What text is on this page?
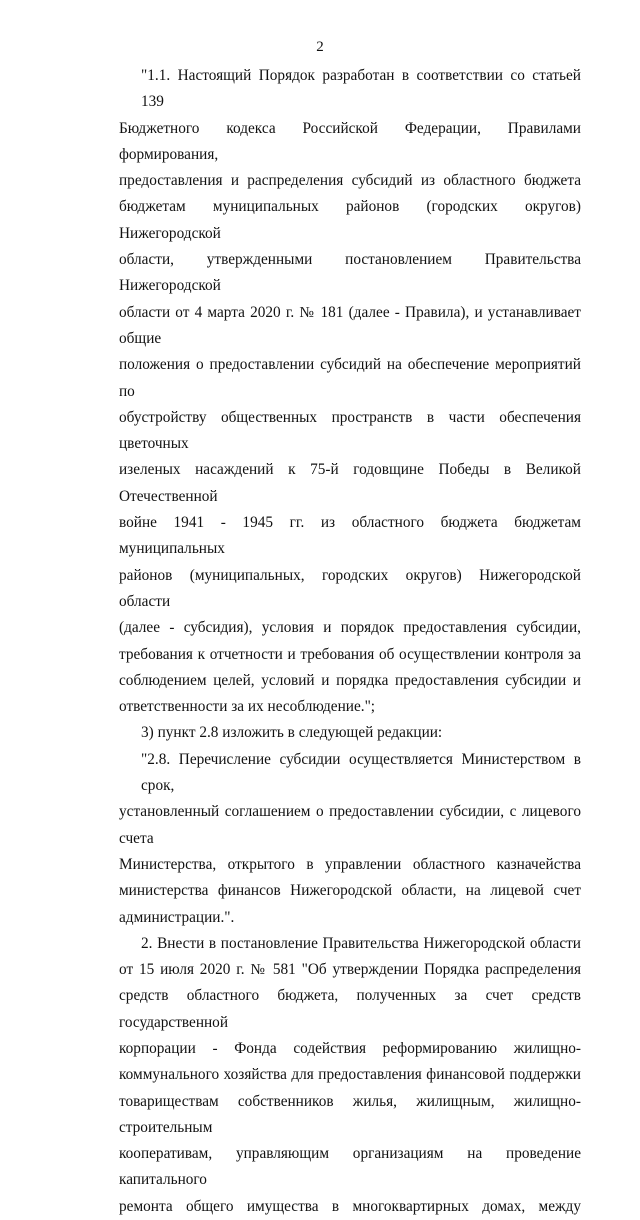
2
"1.1. Настоящий Порядок разработан в соответствии со статьей 139
Бюджетного кодекса Российской Федерации, Правилами формирования,
предоставления и распределения субсидий из областного бюджета
бюджетам муниципальных районов (городских округов) Нижегородской
области, утвержденными постановлением Правительства Нижегородской
области от 4 марта 2020 г. № 181 (далее - Правила), и устанавливает общие
положения о предоставлении субсидий на обеспечение мероприятий по
обустройству общественных пространств в части обеспечения цветочных
изеленых насаждений к 75-й годовщине Победы в Великой Отечественной
войне 1941 - 1945 гг. из областного бюджета бюджетам муниципальных
районов (муниципальных, городских округов) Нижегородской области
(далее - субсидия), условия и порядок предоставления субсидии,
требования к отчетности и требования об осуществлении контроля за
соблюдением целей, условий и порядка предоставления субсидии и
ответственности за их несоблюдение.";
3) пункт 2.8 изложить в следующей редакции:
"2.8. Перечисление субсидии осуществляется Министерством в срок,
установленный соглашением о предоставлении субсидии, с лицевого счета
Министерства, открытого в управлении областного казначейства
министерства финансов Нижегородской области, на лицевой счет
администрации.".
2. Внести в постановление Правительства Нижегородской области
от 15 июля 2020 г. № 581 "Об утверждении Порядка распределения
средств областного бюджета, полученных за счет средств государственной
корпорации - Фонда содействия реформированию жилищно-
коммунального хозяйства для предоставления финансовой поддержки
товариществам собственников жилья, жилищным, жилищно-строительным
кооперативам, управляющим организациям на проведение капитального
ремонта общего имущества в многоквартирных домах, между
